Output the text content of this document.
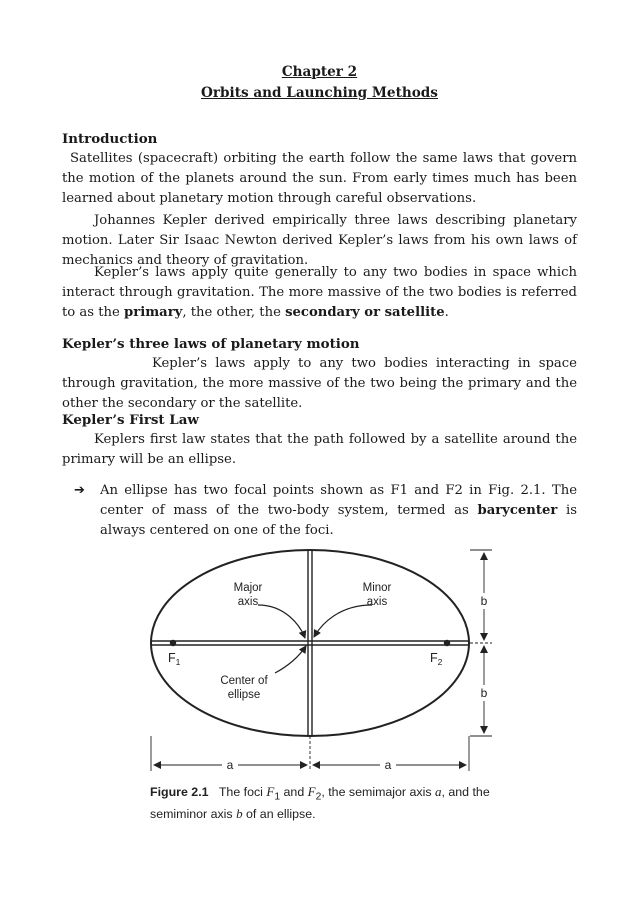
Chapter 2
Orbits and Launching Methods
Introduction

Satellites (spacecraft) orbiting the earth follow the same laws that govern the motion of the planets around the sun. From early times much has been learned about planetary motion through careful observations.

Johannes Kepler derived empirically three laws describing planetary motion. Later Sir Isaac Newton derived Kepler’s laws from his own laws of mechanics and theory of gravitation.

Kepler’s laws apply quite generally to any two bodies in space which interact through gravitation. The more massive of the two bodies is referred to as the primary, the other, the secondary or satellite.

Kepler’s three laws of planetary motion

Kepler’s laws apply to any two bodies interacting in space through gravitation, the more massive of the two being the primary and the other the secondary or the satellite.

Keplеr’s First Law

Keplers first law states that the path followed by a satellite around the primary will be an ellipse.

➔ An ellipse has two focal points shown as F1 and F2 in Fig. 2.1. The center of mass of the two-body system, termed as barycenter is always centered on one of the foci.

Major
axis
Minor
axis
Center of
ellipse
$F_1$	$F_2$
b
b
a	a
Figure 2.1 The foci $F_1$ and $F_2$, the semimajor axis a, and the semiminor axis b of an ellipse.
